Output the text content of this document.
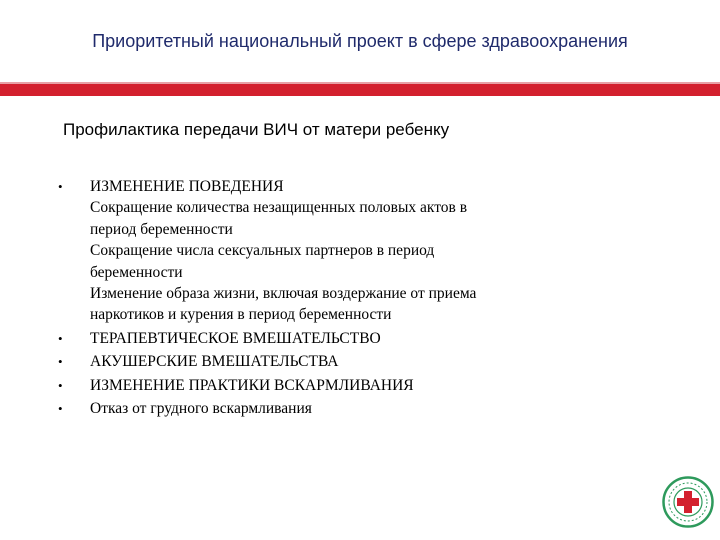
Приоритетный национальный проект в сфере здравоохранения
Профилактика передачи ВИЧ от матери ребенку
• ИЗМЕНЕНИЕ ПОВЕДЕНИЯ
Сокращение количества незащищенных половых актов в
период беременности
Сокращение числа сексуальных партнеров в период
беременности
Изменение образа жизни, включая воздержание от приема
наркотиков и курения в период беременности
• ТЕРАПЕВТИЧЕСКОЕ ВМЕШАТЕЛЬСТВО
• АКУШЕРСКИЕ ВМЕШАТЕЛЬСТВА
• ИЗМЕНЕНИЕ ПРАКТИКИ ВСКАРМЛИВАНИЯ
• Отказ от грудного вскармливания
